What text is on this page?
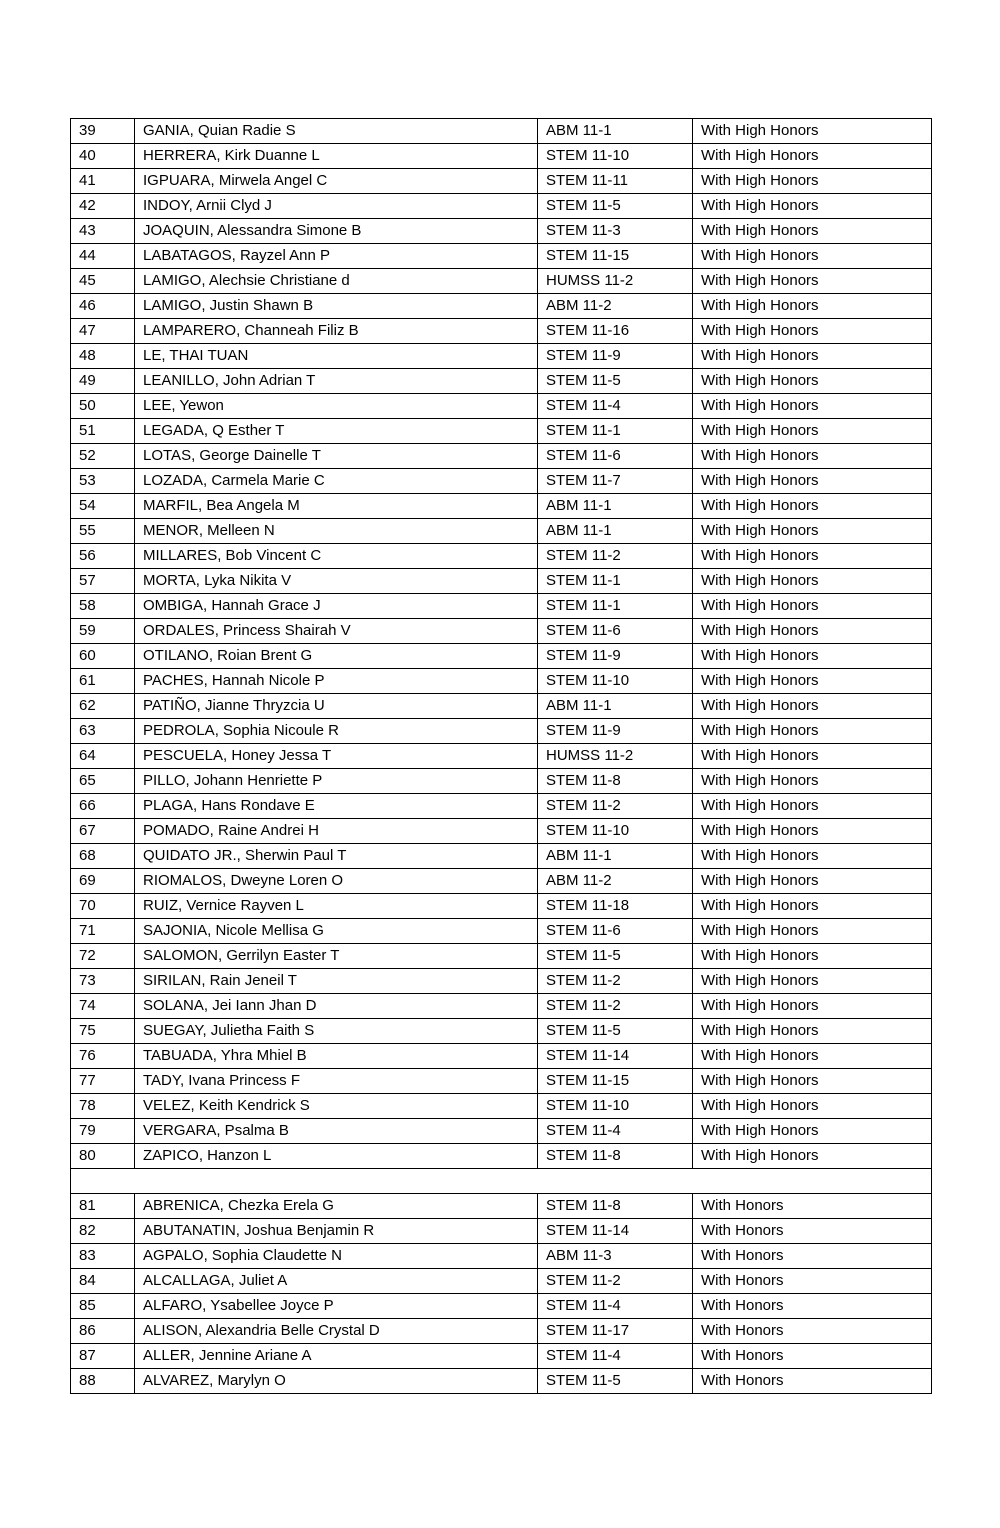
39	GANIA, Quian Radie S	ABM 11-1	With High Honors
40	HERRERA, Kirk Duanne L	STEM 11-10	With High Honors
41	IGPUARA, Mirwela Angel C	STEM 11-11	With High Honors
42	INDOY, Arnii Clyd J	STEM 11-5	With High Honors
43	JOAQUIN, Alessandra Simone B	STEM 11-3	With High Honors
44	LABATAGOS, Rayzel Ann P	STEM 11-15	With High Honors
45	LAMIGO, Alechsie Christiane d	HUMSS 11-2	With High Honors
46	LAMIGO, Justin Shawn B	ABM 11-2	With High Honors
47	LAMPARERO, Channeah Filiz B	STEM 11-16	With High Honors
48	LE, THAI TUAN	STEM 11-9	With High Honors
49	LEANILLO, John Adrian T	STEM 11-5	With High Honors
50	LEE, Yewon	STEM 11-4	With High Honors
51	LEGADA, Q Esther T	STEM 11-1	With High Honors
52	LOTAS, George Dainelle T	STEM 11-6	With High Honors
53	LOZADA, Carmela Marie C	STEM 11-7	With High Honors
54	MARFIL, Bea Angela M	ABM 11-1	With High Honors
55	MENOR, Melleen N	ABM 11-1	With High Honors
56	MILLARES, Bob Vincent C	STEM 11-2	With High Honors
57	MORTA, Lyka Nikita V	STEM 11-1	With High Honors
58	OMBIGA, Hannah Grace J	STEM 11-1	With High Honors
59	ORDALES, Princess Shairah V	STEM 11-6	With High Honors
60	OTILANO, Roian Brent G	STEM 11-9	With High Honors
61	PACHES, Hannah Nicole P	STEM 11-10	With High Honors
62	PATIÑO, Jianne Thryzcia U	ABM 11-1	With High Honors
63	PEDROLA, Sophia Nicoule R	STEM 11-9	With High Honors
64	PESCUELA, Honey Jessa T	HUMSS 11-2	With High Honors
65	PILLO, Johann Henriette P	STEM 11-8	With High Honors
66	PLAGA, Hans Rondave E	STEM 11-2	With High Honors
67	POMADO, Raine Andrei H	STEM 11-10	With High Honors
68	QUIDATO JR., Sherwin Paul T	ABM 11-1	With High Honors
69	RIOMALOS, Dweyne Loren O	ABM 11-2	With High Honors
70	RUIZ, Vernice Rayven L	STEM 11-18	With High Honors
71	SAJONIA, Nicole Mellisa G	STEM 11-6	With High Honors
72	SALOMON, Gerrilyn Easter T	STEM 11-5	With High Honors
73	SIRILAN, Rain Jeneil T	STEM 11-2	With High Honors
74	SOLANA, Jei Iann Jhan D	STEM 11-2	With High Honors
75	SUEGAY, Julietha Faith S	STEM 11-5	With High Honors
76	TABUADA, Yhra Mhiel B	STEM 11-14	With High Honors
77	TADY, Ivana Princess F	STEM 11-15	With High Honors
78	VELEZ, Keith Kendrick S	STEM 11-10	With High Honors
79	VERGARA, Psalma B	STEM 11-4	With High Honors
80	ZAPICO, Hanzon L	STEM 11-8	With High Honors

81	ABRENICA, Chezka Erela G	STEM 11-8	With Honors
82	ABUTANATIN, Joshua Benjamin R	STEM 11-14	With Honors
83	AGPALO, Sophia Claudette N	ABM 11-3	With Honors
84	ALCALLAGA, Juliet A	STEM 11-2	With Honors
85	ALFARO, Ysabellee Joyce P	STEM 11-4	With Honors
86	ALISON, Alexandria Belle Crystal D	STEM 11-17	With Honors
87	ALLER, Jennine Ariane A	STEM 11-4	With Honors
88	ALVAREZ, Marylyn O	STEM 11-5	With Honors
